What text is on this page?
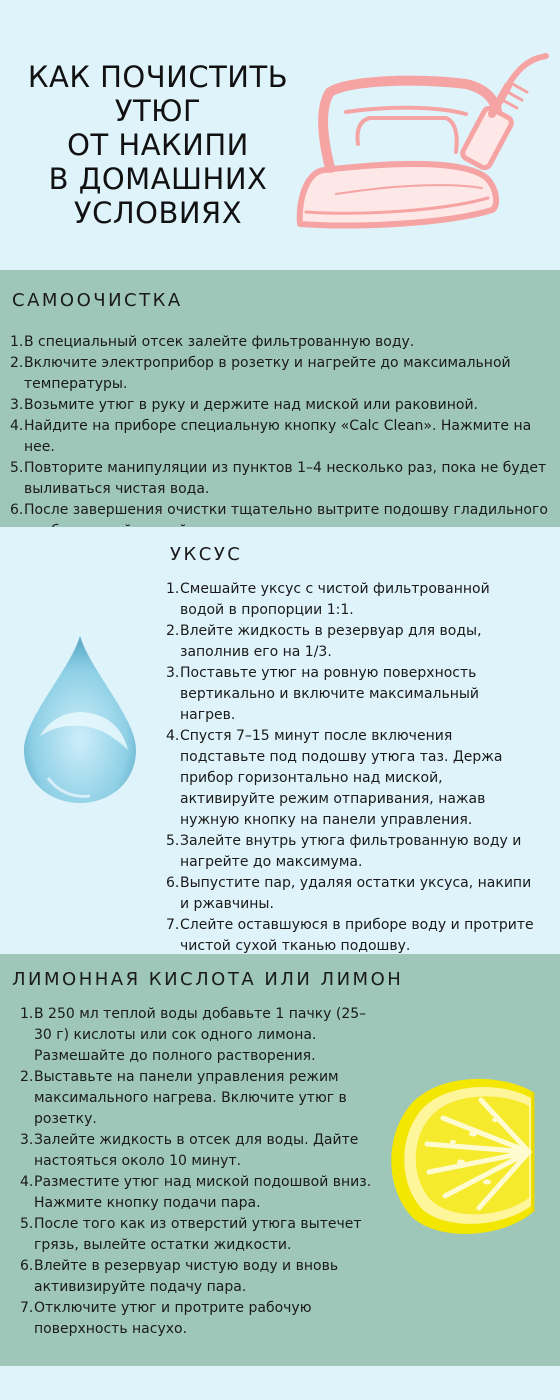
КАК ПОЧИСТИТЬ
УТЮГ
ОТ НАКИПИ
В ДОМАШНИХ
УСЛОВИЯХ
САМООЧИСТКА
1. В специальный отсек залейте фильтрованную воду.
2. Включите электроприбор в розетку и нагрейте до максимальной температуры.
3. Возьмите утюг в руку и держите над миской или раковиной.
4. Найдите на приборе специальную кнопку «Calc Clean». Нажмите на нее.
5. Повторите манипуляции из пунктов 1–4 несколько раз, пока не будет выливаться чистая вода.
6. После завершения очистки тщательно вытрите подошву гладильного
УКСУС
1. Смешайте уксус с чистой фильтрованной водой в пропорции 1:1.
2. Влейте жидкость в резервуар для воды, заполнив его на 1/3.
3. Поставьте утюг на ровную поверхность вертикально и включите максимальный нагрев.
4. Спустя 7–15 минут после включения подставьте под подошву утюга таз. Держа прибор горизонтально над миской, активируйте режим отпаривания, нажав нужную кнопку на панели управления.
5. Залейте внутрь утюга фильтрованную воду и нагрейте до максимума.
6. Выпустите пар, удаляя остатки уксуса, накипи и ржавчины.
7. Слейте оставшуюся в приборе воду и протрите чистой сухой тканью подошву.
ЛИМОННАЯ КИСЛОТА ИЛИ ЛИМОН
1. В 250 мл теплой воды добавьте 1 пачку (25–30 г) кислоты или сок одного лимона. Размешайте до полного растворения.
2. Выставьте на панели управления режим максимального нагрева. Включите утюг в розетку.
3. Залейте жидкость в отсек для воды. Дайте настояться около 10 минут.
4. Разместите утюг над миской подошвой вниз. Нажмите кнопку подачи пара.
5. После того как из отверстий утюга вытечет грязь, вылейте остатки жидкости.
6. Влейте в резервуар чистую воду и вновь активизируйте подачу пара.
7. Отключите утюг и протрите рабочую поверхность насухо.
